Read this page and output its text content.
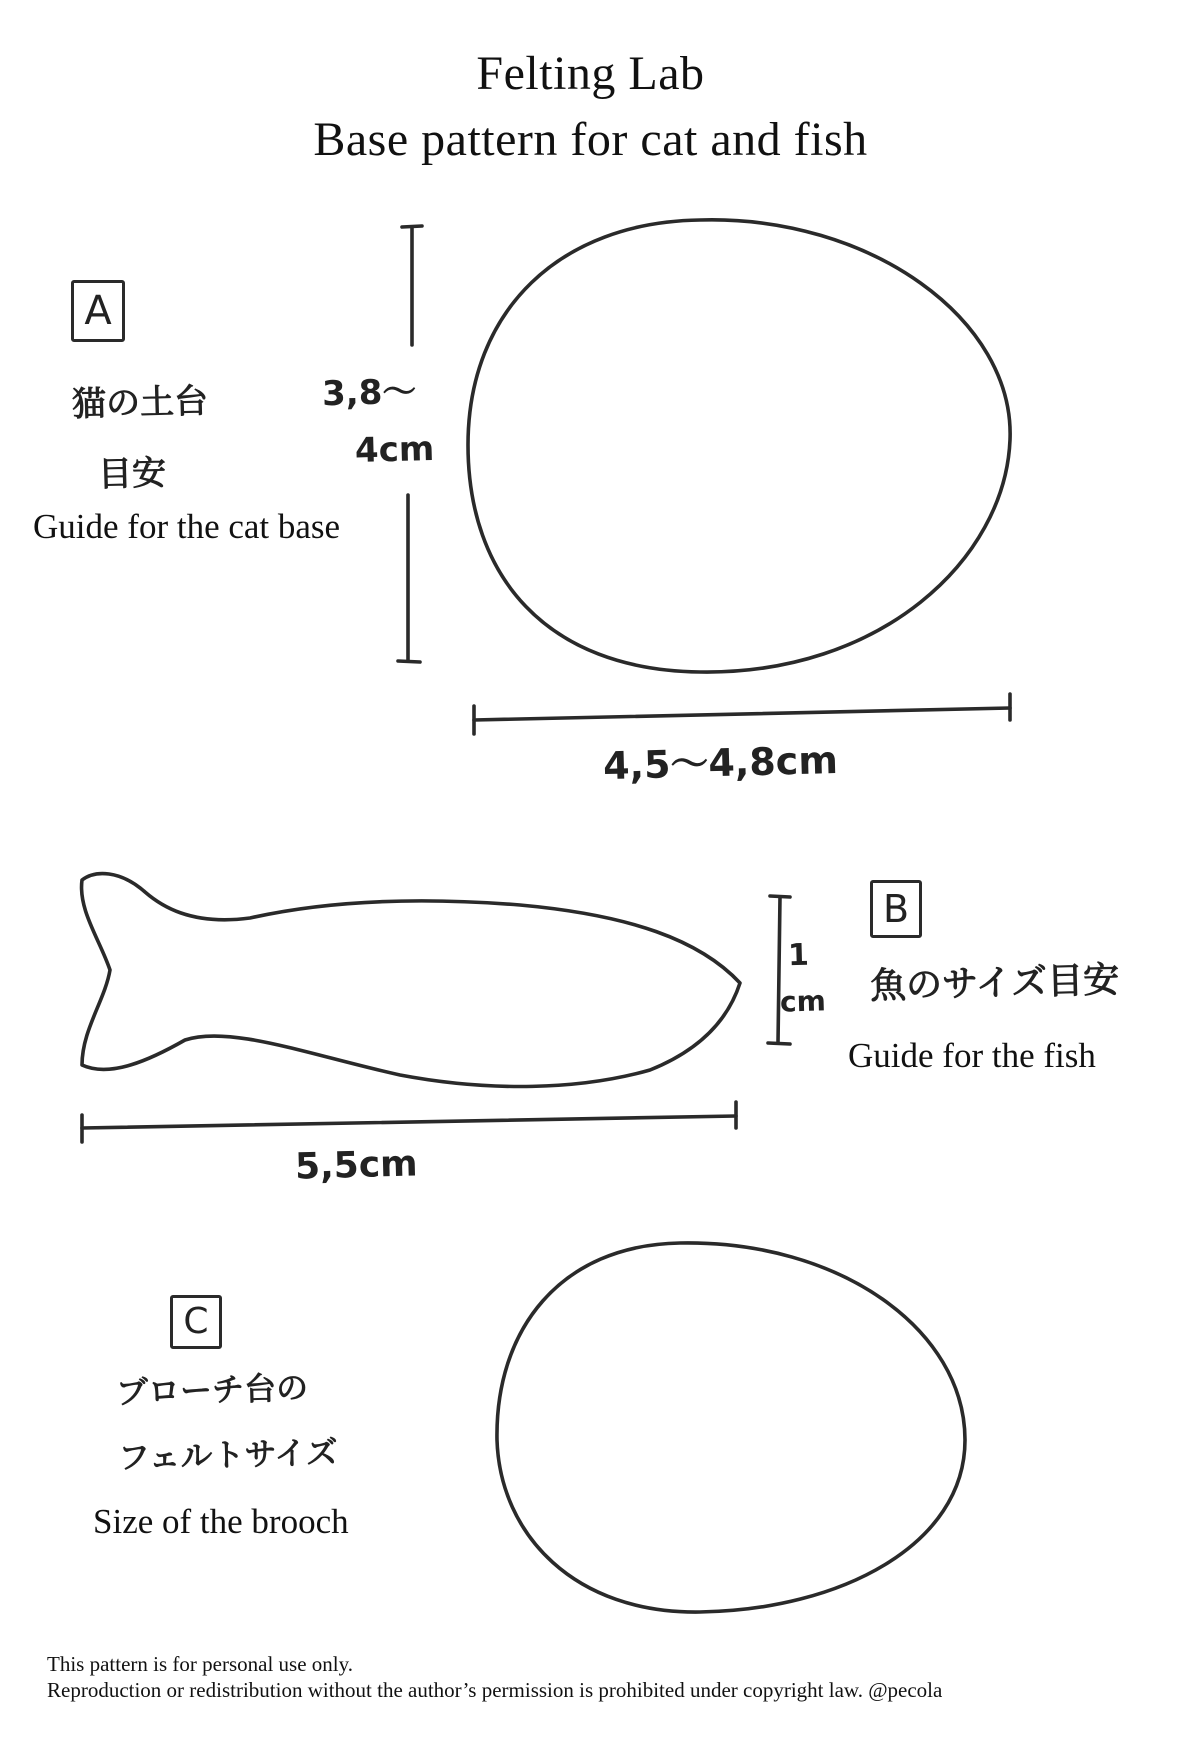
Felting Lab
Base pattern for cat and fish
A
猫の土台
目安
Guide for the cat base
3,8〜
4cm
4,5〜4,8cm
B
魚のサイズ目安
Guide for the fish
1
cm
5,5cm
C
ブローチ台の
フェルトサイズ
Size of the brooch
This pattern is for personal use only.
Reproduction or redistribution without the author’s permission is prohibited under copyright law. @pecola
